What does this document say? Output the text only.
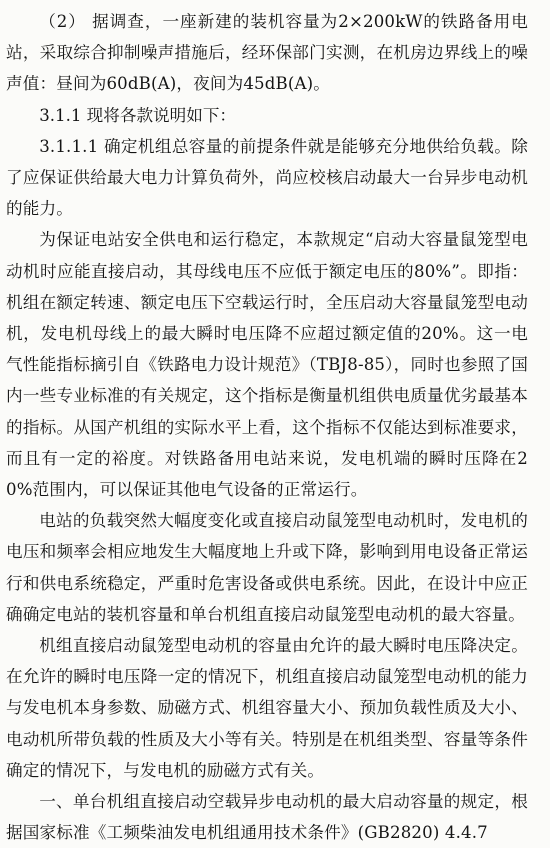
（2） 据调查，一座新建的装机容量为2×200kW的铁路备用电站，采取综合抑制噪声措施后，经环保部门实测，在机房边界线上的噪声值：昼间为60dB(A)，夜间为45dB(A)。

3.1.1 现将各款说明如下：

3.1.1.1 确定机组总容量的前提条件就是能够充分地供给负载。除了应保证供给最大电力计算负荷外，尚应校核启动最大一台异步电动机的能力。

为保证电站安全供电和运行稳定，本款规定“启动大容量鼠笼型电动机时应能直接启动，其母线电压不应低于额定电压的80%”。即指：机组在额定转速、额定电压下空载运行时，全压启动大容量鼠笼型电动机，发电机母线上的最大瞬时电压降不应超过额定值的20%。这一电气性能指标摘引自《铁路电力设计规范》（TBJ8-85），同时也参照了国内一些专业标准的有关规定，这个指标是衡量机组供电质量优劣最基本的指标。从国产机组的实际水平上看，这个指标不仅能达到标准要求，而且有一定的裕度。对铁路备用电站来说，发电机端的瞬时压降在20%范围内，可以保证其他电气设备的正常运行。

电站的负载突然大幅度变化或直接启动鼠笼型电动机时，发电机的电压和频率会相应地发生大幅度地上升或下降，影响到用电设备正常运行和供电系统稳定，严重时危害设备或供电系统。因此，在设计中应正确确定电站的装机容量和单台机组直接启动鼠笼型电动机的最大容量。

机组直接启动鼠笼型电动机的容量由允许的最大瞬时电压降决定。在允许的瞬时电压降一定的情况下，机组直接启动鼠笼型电动机的能力与发电机本身参数、励磁方式、机组容量大小、预加负载性质及大小、电动机所带负载的性质及大小等有关。特别是在机组类型、容量等条件确定的情况下，与发电机的励磁方式有关。

一、单台机组直接启动空载异步电动机的最大启动容量的规定，根据国家标准《工频柴油发电机组通用技术条件》(GB2820) 4.4.7
